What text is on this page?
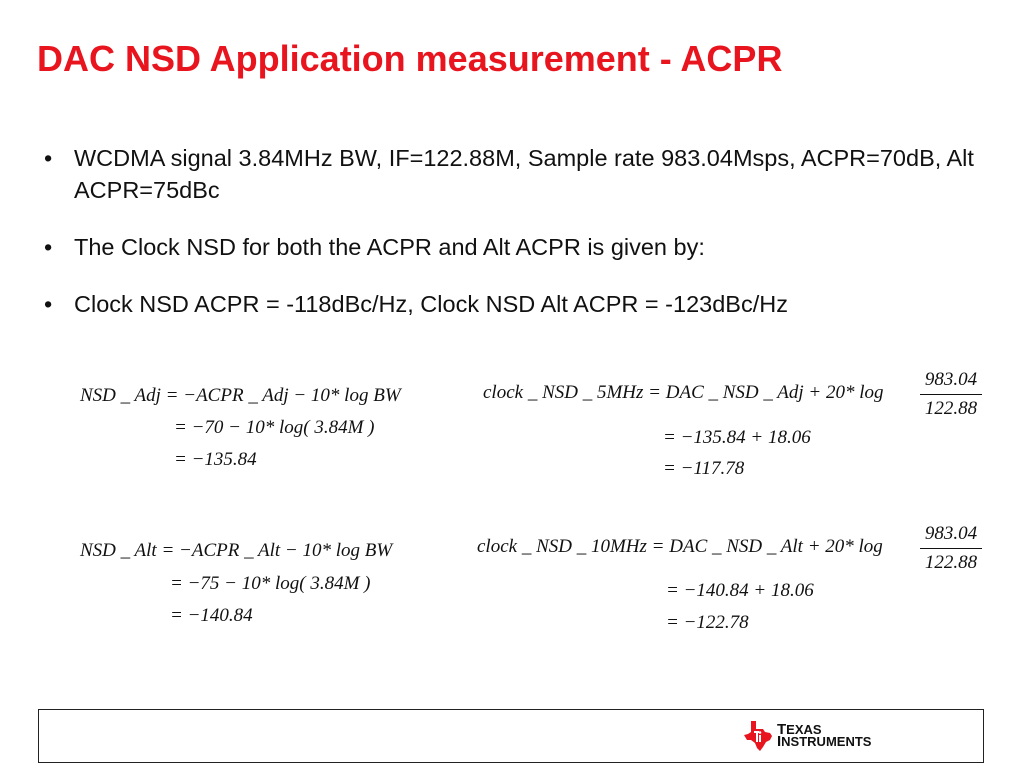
DAC NSD Application measurement - ACPR
• WCDMA signal 3.84MHz BW, IF=122.88M, Sample rate 983.04Msps, ACPR=70dB, Alt ACPR=75dBc
• The Clock NSD for both the ACPR and Alt ACPR is given by:
• Clock NSD ACPR = -118dBc/Hz, Clock NSD Alt ACPR = -123dBc/Hz
NSD _ Adj = −ACPR _ Adj − 10* log BW
= −70 − 10* log( 3.84M )
= −135.84
NSD _ Alt = −ACPR _ Alt − 10* log BW
= −75 − 10* log( 3.84M )
= −140.84
clock _ NSD _ 5MHz = DAC _ NSD _ Adj + 20* $\log \frac{983.04}{122.88}$
= −135.84 + 18.06
= −117.78
clock _ NSD _ 10MHz = DAC _ NSD _ Alt + 20* $\log \frac{983.04}{122.88}$
= −140.84 + 18.06
= −122.78
TEXAS
INSTRUMENTS
